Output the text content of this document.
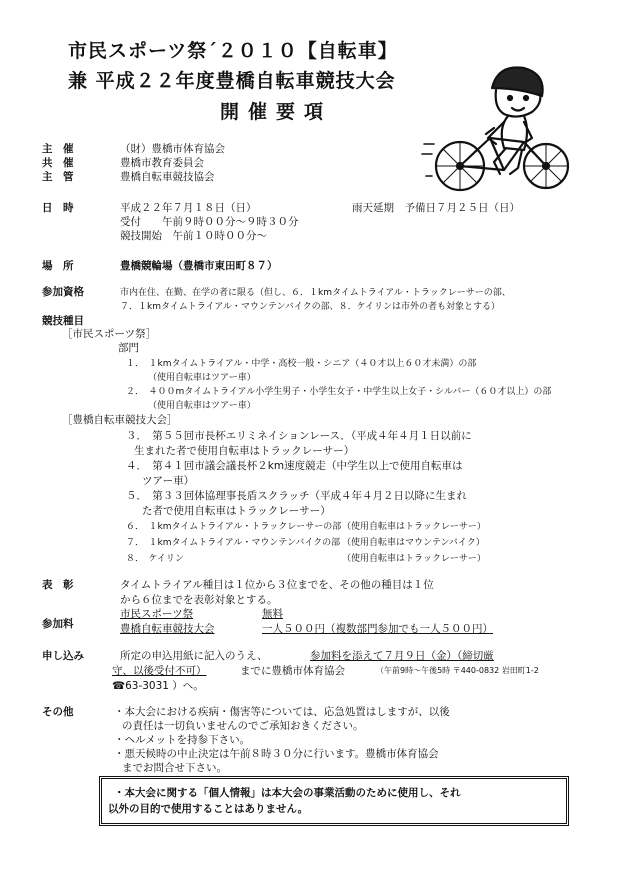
市民スポーツ祭´２０１０【自転車】
兼 平成２２年度豊橋自転車競技大会
開催要項
主　催	（財）豊橋市体育協会
共　催	豊橋市教育委員会
主　管	豊橋自転車競技協会
日　時	平成２２年７月１８日（日）	雨天延期　予備日７月２５日（日）
受付　　午前９時００分～９時３０分
競技開始　午前１０時００分～
場　所	豊橋競輪場（豊橋市東田町８７）
参加資格	市内在住、在勤、在学の者に限る（但し、６．１kmタイムトライアル・トラックレーサーの部、
７．１kmタイムトライアル・マウンテンバイクの部、８．ケイリンは市外の者も対象とする）
競技種目
［市民スポーツ祭］
部門
１．　１kmタイムトライアル・中学・高校一般・シニア（４０才以上６０才未満）の部
（使用自転車はツアー車）
２．　４００mタイムトライアル小学生男子・小学生女子・中学生以上女子・シルバー（６０才以上）の部
（使用自転車はツアー車）
［豊橋自転車競技大会］
３．　第５５回市長杯エリミネイションレース．（平成４年４月１日以前に
生まれた者で使用自転車はトラックレーサー）
４．　第４１回市議会議長杯２km速度競走（中学生以上で使用自転車は
ツアー車）
５．　第３３回体協理事長盾スクラッチ（平成４年４月２日以降に生まれ
た者で使用自転車はトラックレーサー）
６．　１kmタイムトライアル・トラックレーサーの部 （使用自転車はトラックレーサー）
７．　１kmタイムトライアル・マウンテンバイクの部 （使用自転車はマウンテンバイク）
８．　ケイリン	（使用自転車はトラックレーサー）
表　彰	タイムトライアル種目は１位から３位までを、その他の種目は１位
から６位までを表彰対象とする。
参加料
市民スポーツ祭	無料
豊橋自転車競技大会	一人５００円（複数部門参加でも一人５００円）
申し込み	所定の申込用紙に記入のうえ、	参加料を添えて７月９日（金）（締切厳
守、以後受付不可）	までに豊橋市体育協会	（午前9時～午後5時 〒440-0832 岩田町1-2
☎63-3031 ）へ。
その他	・本大会における疾病・傷害等については、応急処置はしますが、以後
の責任は一切負いませんのでご承知おきください。
・ヘルメットを持参下さい。
・悪天候時の中止決定は午前８時３０分に行います。豊橋市体育協会
までお問合せ下さい。
・本大会に関する「個人情報」は本大会の事業活動のために使用し、それ
以外の目的で使用することはありません。
